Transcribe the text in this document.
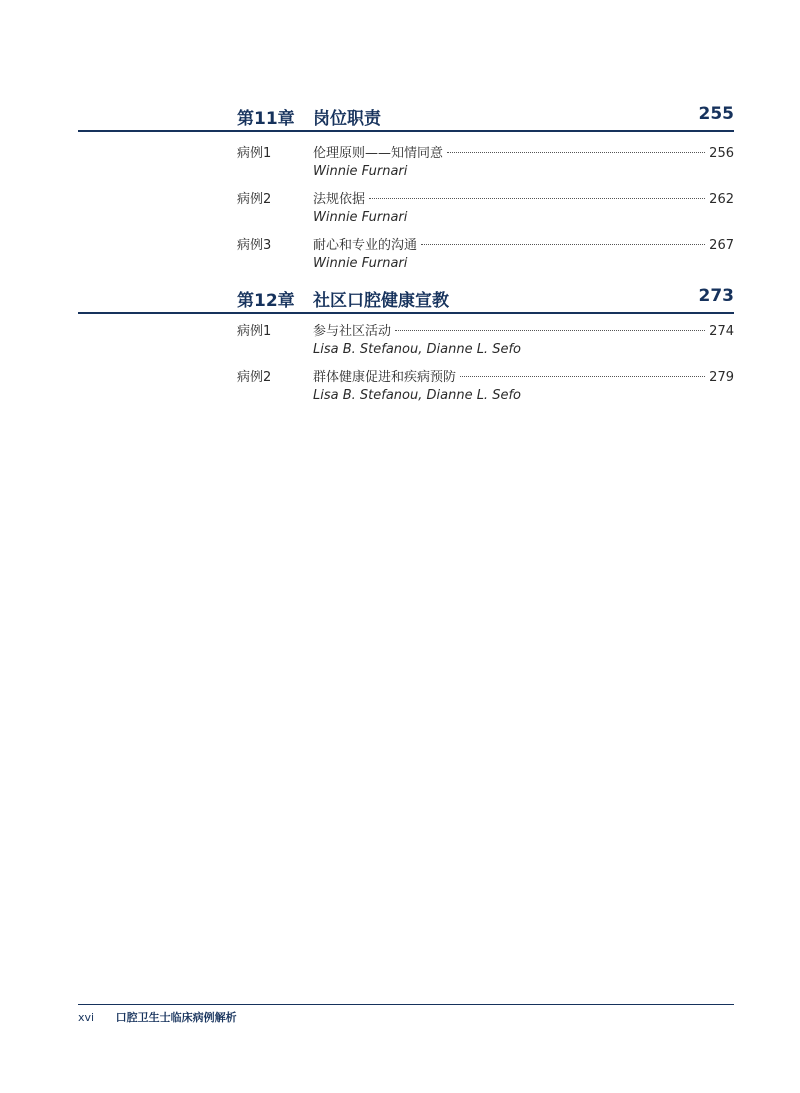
第11章 岗位职责	255
病例1	伦理原则——知情同意	256
Winnie Furnari
病例2	法规依据	262
Winnie Furnari
病例3	耐心和专业的沟通	267
Winnie Furnari
第12章 社区口腔健康宣教	273
病例1	参与社区活动	274
Lisa B. Stefanou, Dianne L. Sefo
病例2	群体健康促进和疾病预防	279
Lisa B. Stefanou, Dianne L. Sefo
xvi 口腔卫生士临床病例解析
